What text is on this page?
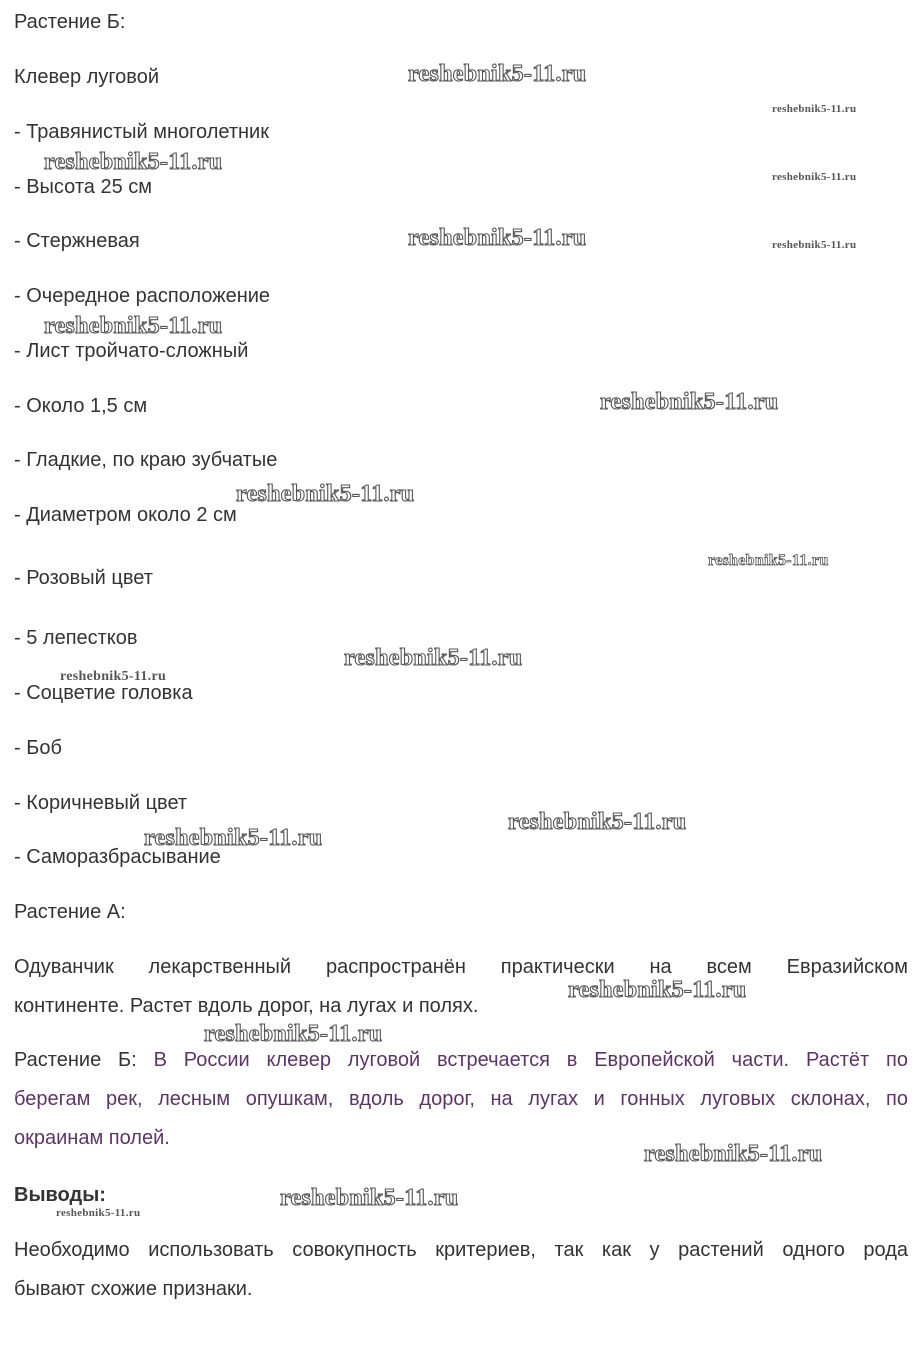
Растение Б:
Клевер луговой
- Травянистый многолетник
- Высота 25 см
- Стержневая
- Очередное расположение
- Лист тройчато-сложный
- Около 1,5 см
- Гладкие, по краю зубчатые
- Диаметром около 2 см
- Розовый цвет
- 5 лепестков
- Соцветие головка
- Боб
- Коричневый цвет
- Саморазбрасывание
Растение А:
Одуванчик лекарственный распространён практически на всем Евразийском
континенте. Растет вдоль дорог, на лугах и полях.
Растение Б: В России клевер луговой встречается в Европейской части. Растёт по
берегам рек, лесным опушкам, вдоль дорог, на лугах и гонных луговых склонах, по
окраинам полей.
Выводы:
Необходимо использовать совокупность критериев, так как у растений одного рода
бывают схожие признаки.
reshebnik5-11.ru
reshebnik5-11.ru
reshebnik5-11.ru
reshebnik5-11.ru
reshebnik5-11.ru	reshebnik5-11.ru
reshebnik5-11.ru
reshebnik5-11.ru
reshebnik5-11.ru
reshebnik5-11.ru
reshebnik5-11.ru
reshebnik5-11.ru
reshebnik5-11.ru
reshebnik5-11.ru
reshebnik5-11.ru
reshebnik5-11.ru
reshebnik5-11.ru
reshebnik5-11.ru
reshebnik5-11.ru
